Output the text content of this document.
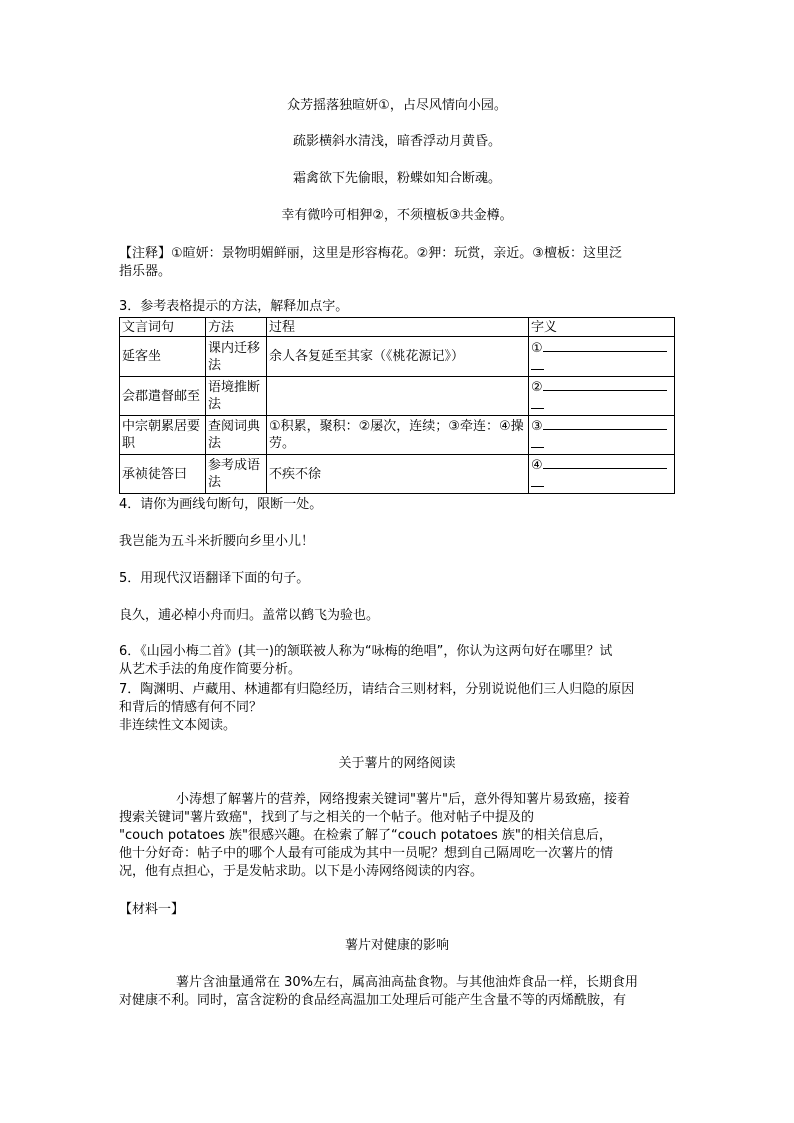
众芳摇落独暄妍①，占尽风情向小园。

疏影横斜水清浅，暗香浮动月黄昏。

霜禽欲下先偷眼，粉蝶如知合断魂。

幸有微吟可相狎②，不须檀板③共金樽。

【注释】①暄妍：景物明媚鲜丽，这里是形容梅花。②狎：玩赏，亲近。③檀板：这里泛

指乐器。

3．参考表格提示的方法，解释加点字。

文言词句	方法	过程	字义
延客坐	课内迁移法	余人各复延至其家（《桃花源记》）	①

会郡遣督邮至	语境推断法		②

中宗朝累居要职	查阅词典法	①积累，聚积：②屡次，连续；③牵连：④操劳。	③

承祯徒答曰	参考成语法	不疾不徐	④

4．请你为画线句断句，限断一处。

我岂能为五斗米折腰向乡里小儿！

5．用现代汉语翻译下面的句子。

良久，逋必棹小舟而归。盖常以鹤飞为验也。

6．《山园小梅二首》(其一)的颔联被人称为“咏梅的绝唱”，你认为这两句好在哪里？试

从艺术手法的角度作简要分析。

7．陶渊明、卢藏用、林逋都有归隐经历，请结合三则材料，分别说说他们三人归隐的原因

和背后的情感有何不同？

非连续性文本阅读。

关于薯片的网络阅读

小涛想了解薯片的营养，网络搜索关键词"薯片"后，意外得知薯片易致癌，接着

搜索关键词"薯片致癌"，找到了与之相关的一个帖子。他对帖子中提及的

"couch potatoes 族"很感兴趣。在检索了解了“couch potatoes 族"的相关信息后，

他十分好奇：帖子中的哪个人最有可能成为其中一员呢？想到自己隔周吃一次薯片的情

况，他有点担心，于是发帖求助。以下是小涛网络阅读的内容。

【材料一】

薯片对健康的影响

薯片含油量通常在 30%左右，属高油高盐食物。与其他油炸食品一样，长期食用

对健康不利。同时，富含淀粉的食品经高温加工处理后可能产生含量不等的丙烯酰胺，有
